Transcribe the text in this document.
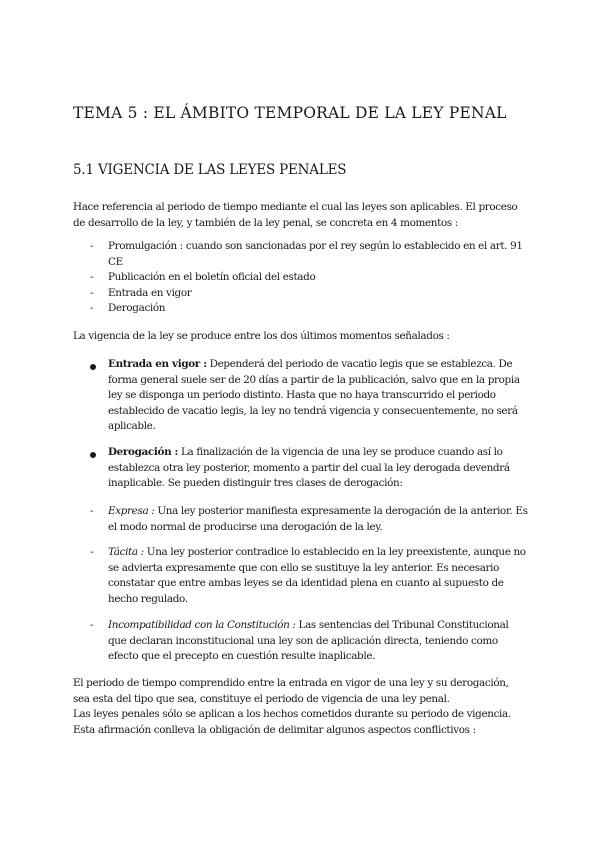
TEMA 5 : EL ÁMBITO TEMPORAL DE LA LEY PENAL
5.1 VIGENCIA DE LAS LEYES PENALES
Hace referencia al periodo de tiempo mediante el cual las leyes son aplicables. El proceso de desarrollo de la ley, y también de la ley penal, se concreta en 4 momentos :
- Promulgación : cuando son sancionadas por el rey según lo establecido en el art. 91 CE
- Publicación en el boletín oficial del estado
- Entrada en vigor
- Derogación
La vigencia de la ley se produce entre los dos últimos momentos señalados :
Entrada en vigor : Dependerá del periodo de vacatio legis que se establezca. De forma general suele ser de 20 días a partir de la publicación, salvo que en la propia ley se disponga un periodo distinto. Hasta que no haya transcurrido el periodo establecido de vacatio legis, la ley no tendrá vigencia y consecuentemente, no será aplicable.
Derogación : La finalización de la vigencia de una ley se produce cuando así lo establezca otra ley posterior, momento a partir del cual la ley derogada devendrá inaplicable. Se pueden distinguir tres clases de derogación:
- Expresa : Una ley posterior manifiesta expresamente la derogación de la anterior. Es el modo normal de producirse una derogación de la ley.
- Tácita : Una ley posterior contradice lo establecido en la ley preexistente, aunque no se advierta expresamente que con ello se sustituye la ley anterior. Es necesario constatar que entre ambas leyes se da identidad plena en cuanto al supuesto de hecho regulado.
- Incompatibilidad con la Constitución : Las sentencias del Tribunal Constitucional que declaran inconstitucional una ley son de aplicación directa, teniendo como efecto que el precepto en cuestión resulte inaplicable.
El periodo de tiempo comprendido entre la entrada en vigor de una ley y su derogación, sea esta del tipo que sea, constituye el periodo de vigencia de una ley penal.
Las leyes penales sólo se aplican a los hechos cometidos durante su periodo de vigencia. Esta afirmación conlleva la obligación de delimitar algunos aspectos conflictivos :
